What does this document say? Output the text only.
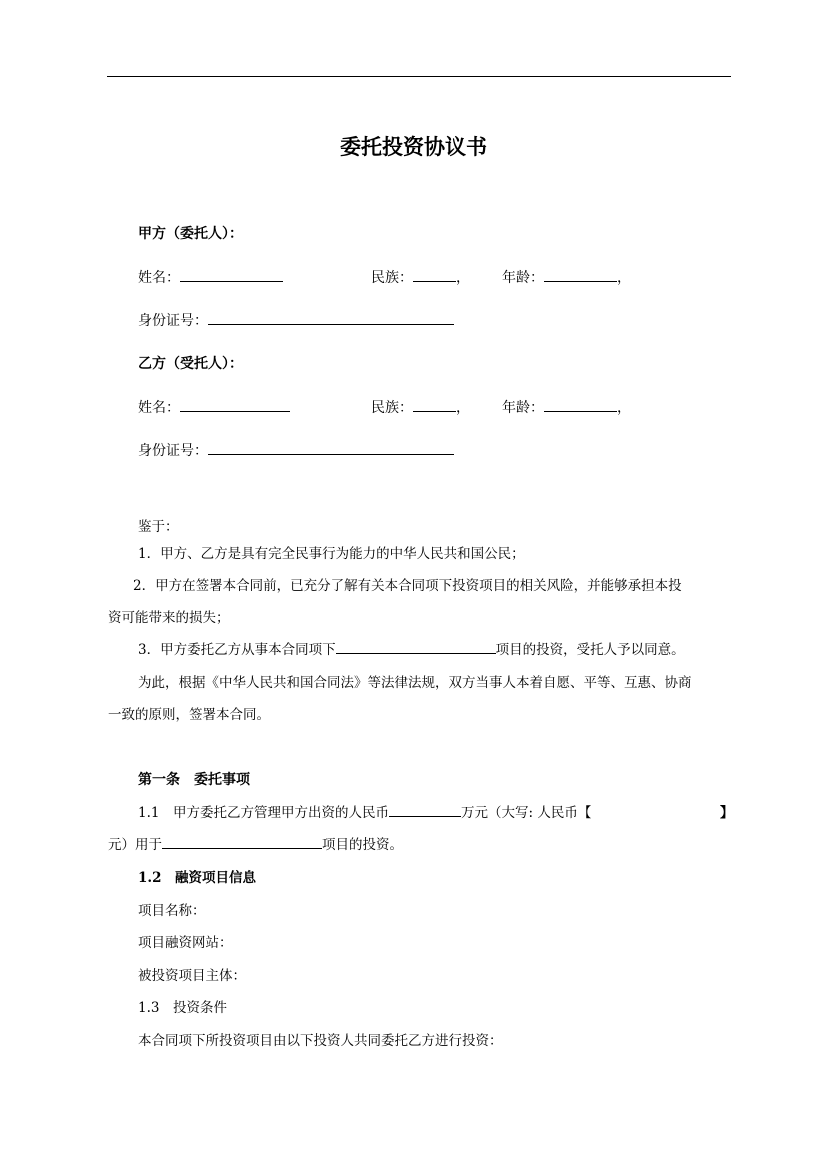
委托投资协议书
甲方（委托人）：
姓名：	民族：	， 年龄：	，
身份证号：
乙方（受托人）：
姓名：	民族：	， 年龄：	，
身份证号：
鉴于：
1．甲方、乙方是具有完全民事行为能力的中华人民共和国公民；
2．甲方在签署本合同前，已充分了解有关本合同项下投资项目的相关风险，并能够承担本投
资可能带来的损失；
3．甲方委托乙方从事本合同项下	项目的投资，受托人予以同意。
为此，根据《中华人民共和国合同法》等法律法规，双方当事人本着自愿、平等、互惠、协商
一致的原则，签署本合同。
第一条　委托事项
1.1　甲方委托乙方管理甲方出资的人民币	万元（大写: 人民币【	】
元）用于	项目的投资。
1.2　融资项目信息
项目名称：
项目融资网站：
被投资项目主体：
1.3　投资条件
本合同项下所投资项目由以下投资人共同委托乙方进行投资：
